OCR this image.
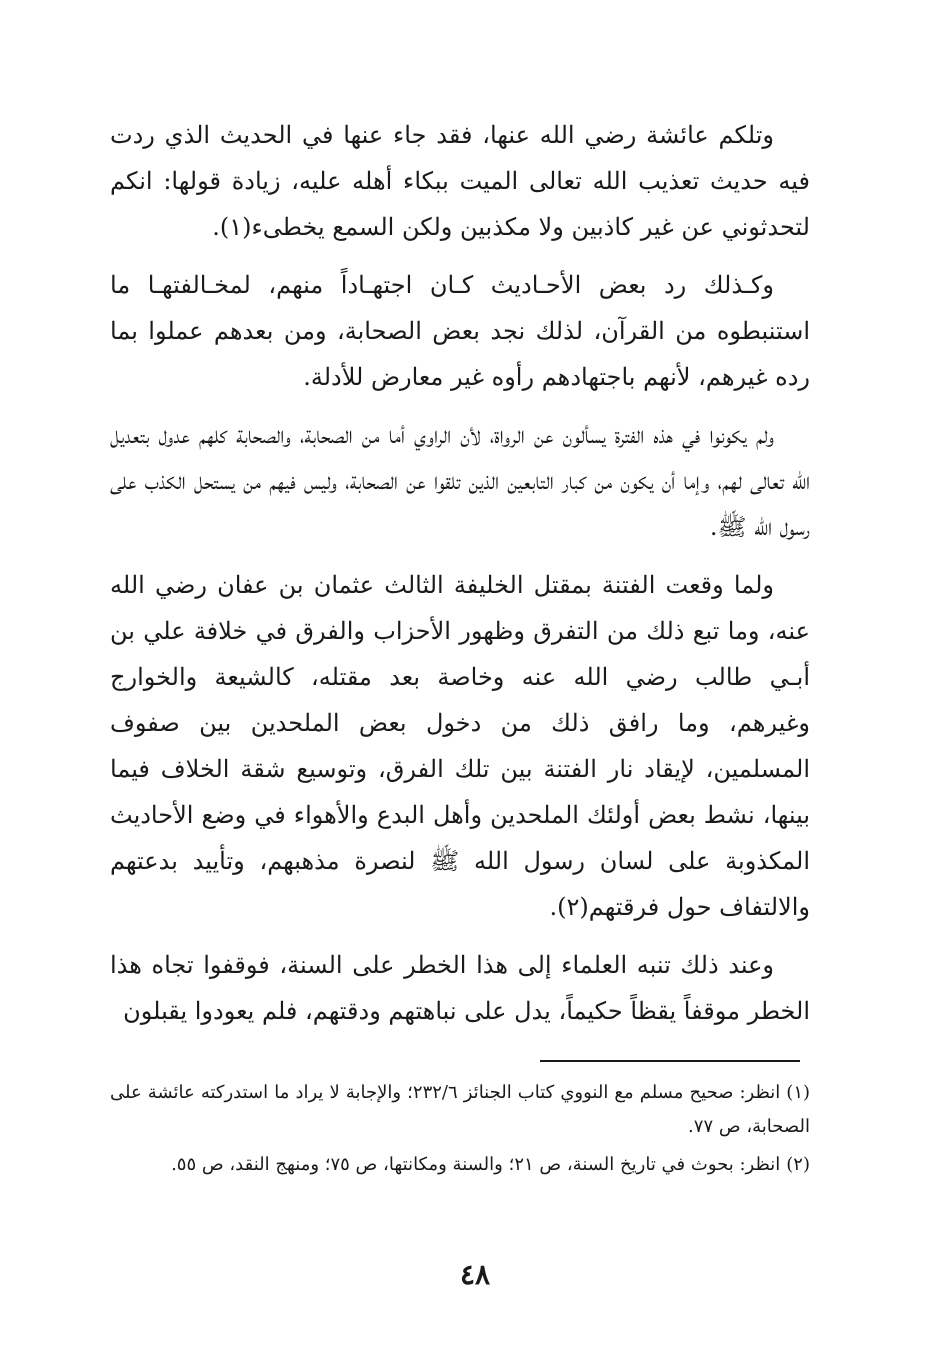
وتلكم عائشة رضي الله عنها، فقد جاء عنها في الحديث الذي ردت فيه حديث تعذيب الله تعالى الميت ببكاء أهله عليه، زيادة قولها: انكم لتحدثوني عن غير كاذبين ولا مكذبين ولكن السمع يخطىء(١).

وكـذلك رد بعض الأحـاديث كـان اجتهـاداً منهم، لمخـالفتهـا ما استنبطوه من القرآن، لذلك نجد بعض الصحابة، ومن بعدهم عملوا بما رده غيرهم، لأنهم باجتهادهم رأوه غير معارض للأدلة.

ولم يكونوا في هذه الفترة يسألون عن الرواة، لأن الراوي أما من الصحابة، والصحابة كلهم عدول بتعديل الله تعالى لهم، وإما أن يكون من كبار التابعين الذين تلقوا عن الصحابة، وليس فيهم من يستحل الكذب على رسول الله ﷺ.

ولما وقعت الفتنة بمقتل الخليفة الثالث عثمان بن عفان رضي الله عنه، وما تبع ذلك من التفرق وظهور الأحزاب والفرق في خلافة علي بن أبـي طالب رضي الله عنه وخاصة بعد مقتله، كالشيعة والخوارج وغيرهم، وما رافق ذلك من دخول بعض الملحدين بين صفوف المسلمين، لإيقاد نار الفتنة بين تلك الفرق، وتوسيع شقة الخلاف فيما بينها، نشط بعض أولئك الملحدين وأهل البدع والأهواء في وضع الأحاديث المكذوبة على لسان رسول الله ﷺ لنصرة مذهبهم، وتأييد بدعتهم والالتفاف حول فرقتهم(٢).

وعند ذلك تنبه العلماء إلى هذا الخطر على السنة، فوقفوا تجاه هذا الخطر موقفاً يقظاً حكيماً، يدل على نباهتهم ودقتهم، فلم يعودوا يقبلون

(١)انظر: صحيح مسلم مع النووي كتاب الجنائز ٢٣٢/٦؛ والإجابة لا يراد ما استدركته عائشة على الصحابة، ص ٧٧.

(٢)انظر: بحوث في تاريخ السنة، ص ٢١؛ والسنة ومكانتها، ص ٧٥؛ ومنهج النقد، ص ٥٥.

٤٨
